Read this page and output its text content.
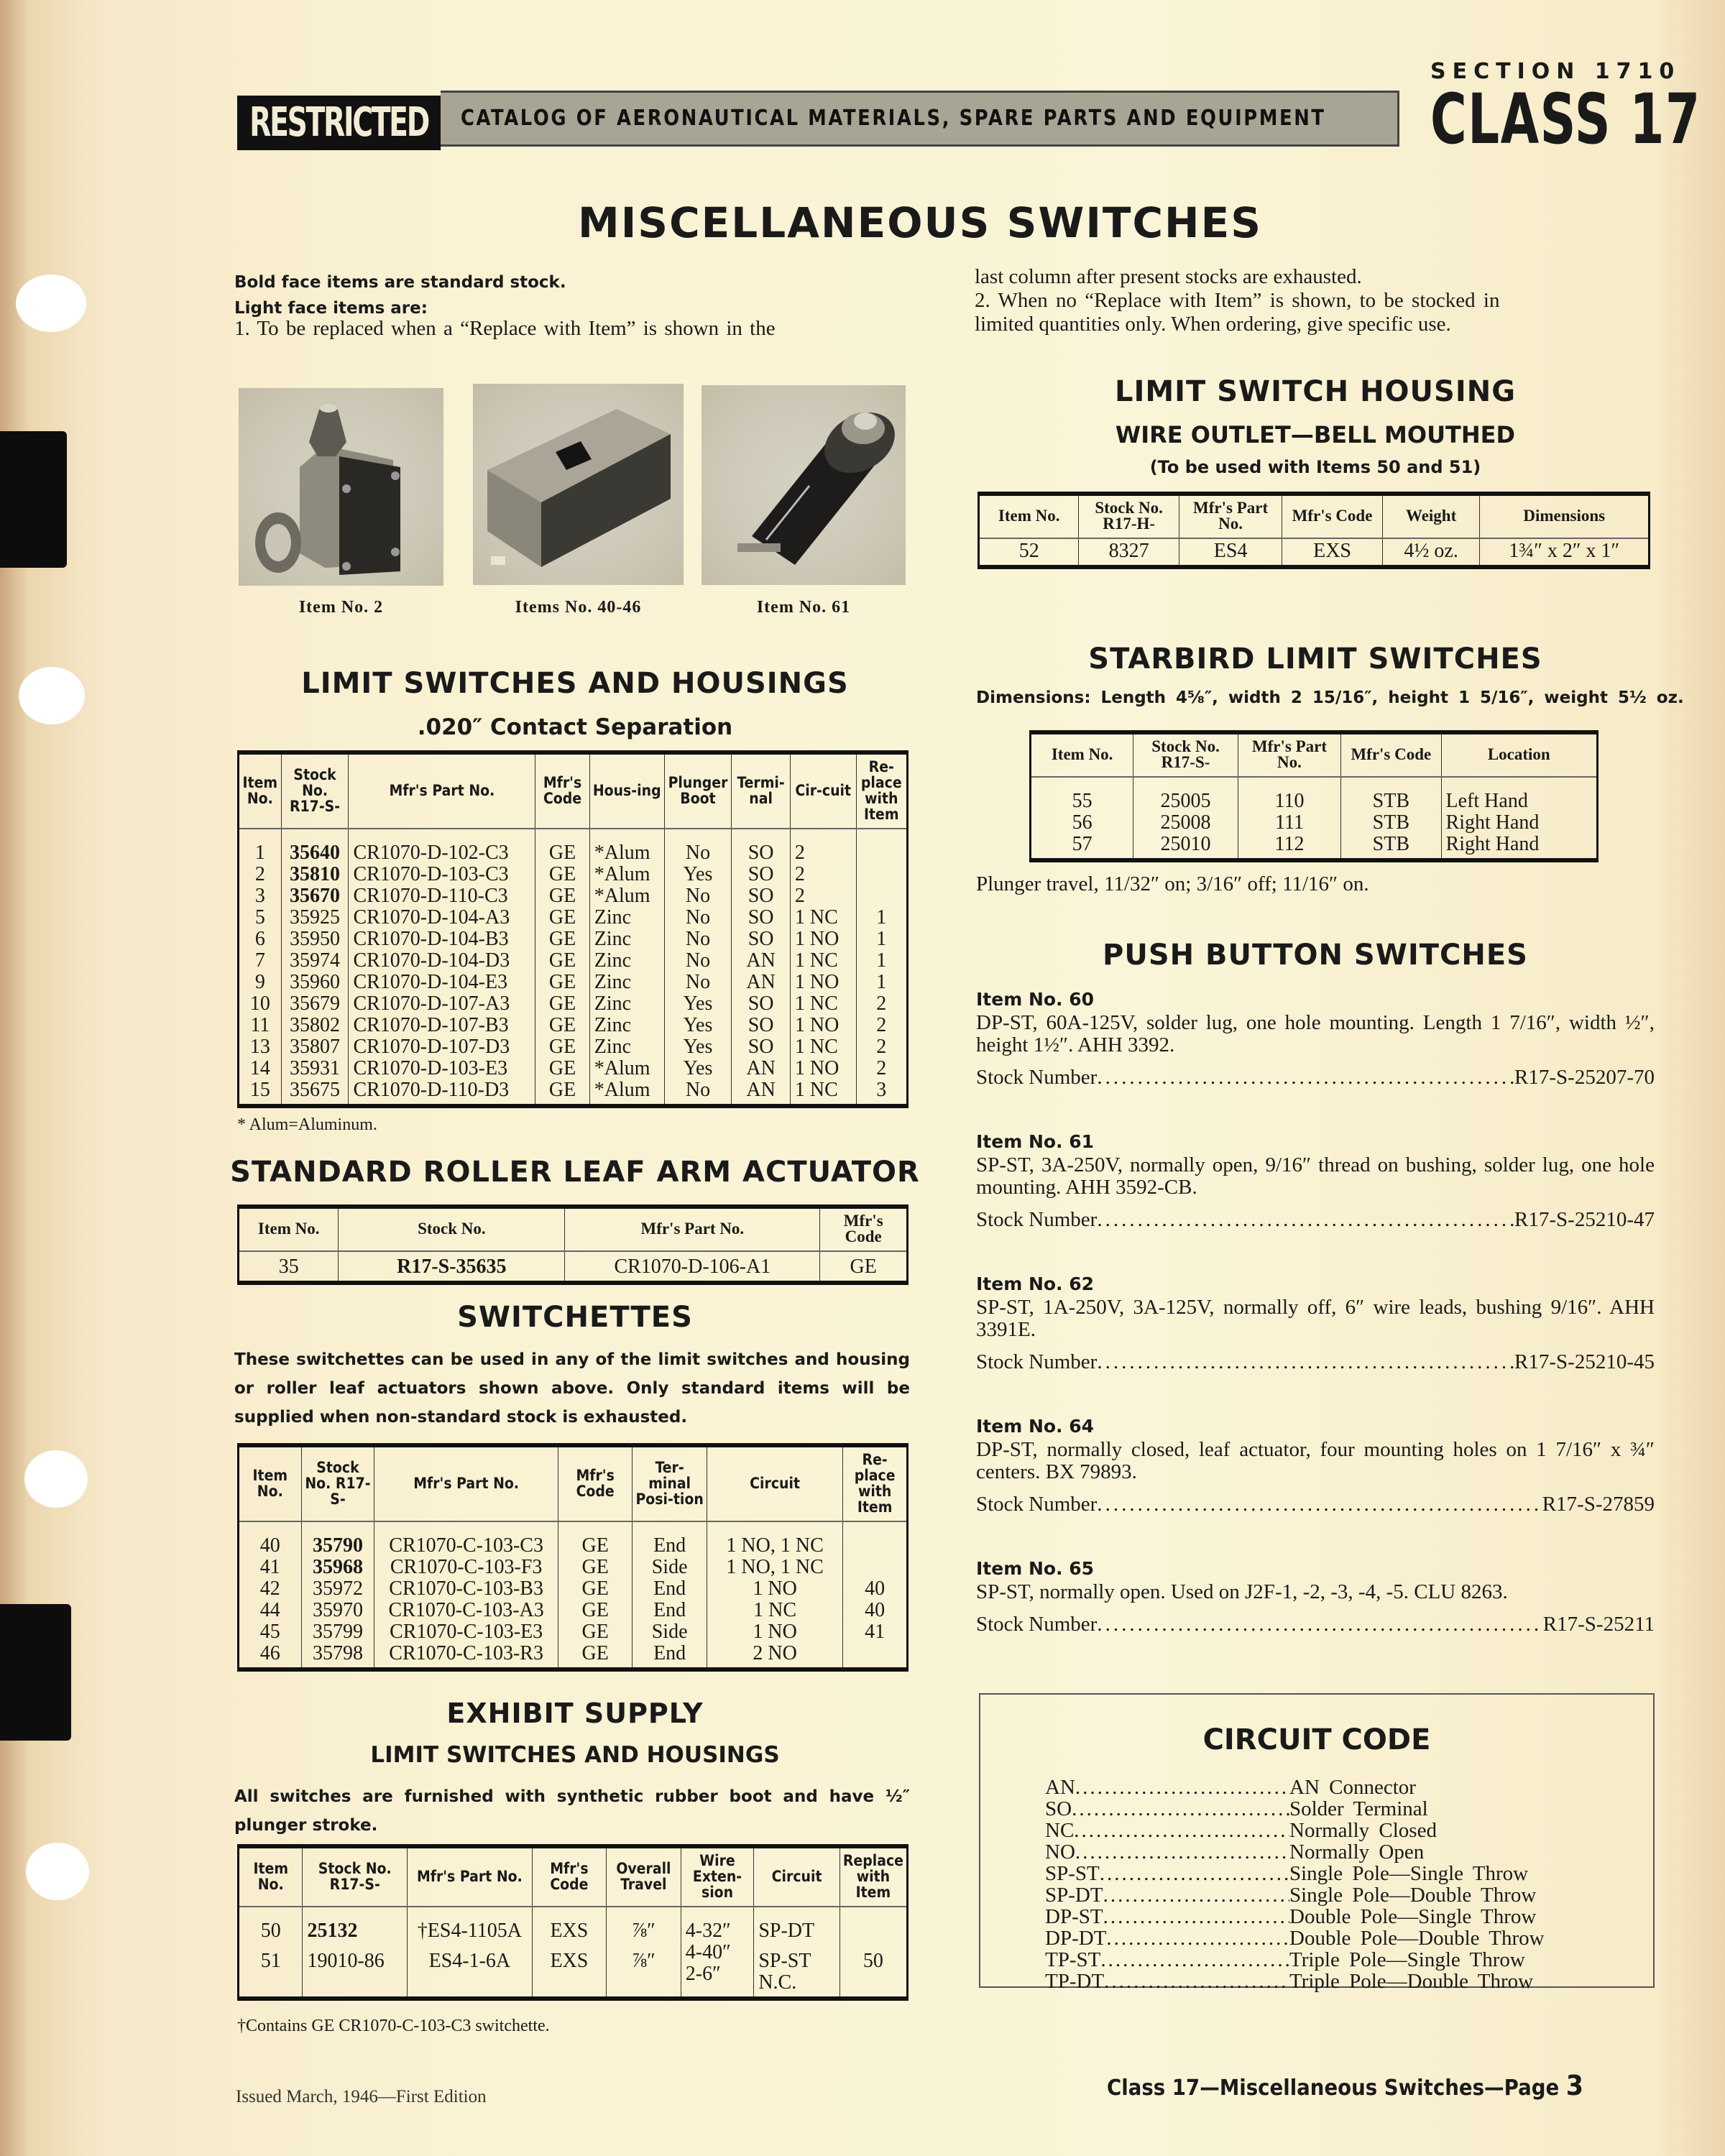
SECTION 1710
RESTRICTED	CATALOG OF AERONAUTICAL MATERIALS, SPARE PARTS AND EQUIPMENT	CLASS 17
MISCELLANEOUS SWITCHES
Bold face items are standard stock.
Light face items are:
1. To be replaced when a “Replace with Item” is shown in the
last column after present stocks are exhausted.
2. When no “Replace with Item” is shown, to be stocked in
limited quantities only. When ordering, give specific use.
Item No. 2	Items No. 40-46	Item No. 61
LIMIT SWITCHES AND HOUSINGS
.020″ Contact Separation
Item No.	Stock No. R17-S-	Mfr's Part No.	Mfr's Code	Hous-ing	Plunger Boot	Termi-nal	Cir-cuit	Re-place with Item
1	35640	CR1070-D-102-C3	GE	*Alum	No	SO	2	
2	35810	CR1070-D-103-C3	GE	*Alum	Yes	SO	2	
3	35670	CR1070-D-110-C3	GE	*Alum	No	SO	2	
5	35925	CR1070-D-104-A3	GE	Zinc	No	SO	1 NC	1
6	35950	CR1070-D-104-B3	GE	Zinc	No	SO	1 NO	1
7	35974	CR1070-D-104-D3	GE	Zinc	No	AN	1 NC	1
9	35960	CR1070-D-104-E3	GE	Zinc	No	AN	1 NO	1
10	35679	CR1070-D-107-A3	GE	Zinc	Yes	SO	1 NC	2
11	35802	CR1070-D-107-B3	GE	Zinc	Yes	SO	1 NO	2
13	35807	CR1070-D-107-D3	GE	Zinc	Yes	SO	1 NC	2
14	35931	CR1070-D-103-E3	GE	*Alum	Yes	AN	1 NO	2
15	35675	CR1070-D-110-D3	GE	*Alum	No	AN	1 NC	3
* Alum=Aluminum.
STANDARD ROLLER LEAF ARM ACTUATOR
Item No.	Stock No.	Mfr's Part No.	Mfr's Code
35	R17-S-35635	CR1070-D-106-A1	GE
SWITCHETTES
These switchettes can be used in any of the limit switches and housing or roller leaf actuators shown above. Only standard items will be supplied when non-standard stock is exhausted.
Item No.	Stock No. R17-S-	Mfr's Part No.	Mfr's Code	Ter-minal Posi-tion	Circuit	Re-place with Item
40	35790	CR1070-C-103-C3	GE	End	1 NO, 1 NC	
41	35968	CR1070-C-103-F3	GE	Side	1 NO, 1 NC	
42	35972	CR1070-C-103-B3	GE	End	1 NO	40
44	35970	CR1070-C-103-A3	GE	End	1 NC	40
45	35799	CR1070-C-103-E3	GE	Side	1 NO	41
46	35798	CR1070-C-103-R3	GE	End	2 NO	
EXHIBIT SUPPLY
LIMIT SWITCHES AND HOUSINGS
All switches are furnished with synthetic rubber boot and have ½″ plunger stroke.
Item No.	Stock No. R17-S-	Mfr's Part No.	Mfr's Code	Overall Travel	Wire Exten-sion	Circuit	Replace with Item
50	25132	†ES4-1105A	EXS	⅞″	4-32″	SP-DT	
51	19010-86	ES4-1-6A	EXS	⅞″	4-40″ 2-6″	SP-ST N.C.	50
†Contains GE CR1070-C-103-C3 switchette.
LIMIT SWITCH HOUSING
WIRE OUTLET—BELL MOUTHED
(To be used with Items 50 and 51)
Item No.	Stock No. R17-H-	Mfr's Part No.	Mfr's Code	Weight	Dimensions
52	8327	ES4	EXS	4½ oz.	1¾″ x 2″ x 1″
STARBIRD LIMIT SWITCHES
Dimensions: Length 4⅝″, width 2 15/16″, height 1 5/16″, weight 5½ oz.
Item No.	Stock No. R17-S-	Mfr's Part No.	Mfr's Code	Location
55	25005	110	STB	Left Hand
56	25008	111	STB	Right Hand
57	25010	112	STB	Right Hand
Plunger travel, 11/32″ on; 3/16″ off; 11/16″ on.
PUSH BUTTON SWITCHES
Item No. 60
DP-ST, 60A-125V, solder lug, one hole mounting. Length 1 7/16″, width ½″, height 1½″. AHH 3392.
Stock Number .....	R17-S-25207-70
Item No. 61
SP-ST, 3A-250V, normally open, 9/16″ thread on bushing, solder lug, one hole mounting. AHH 3592-CB.
Stock Number .....	R17-S-25210-47
Item No. 62
SP-ST, 1A-250V, 3A-125V, normally off, 6″ wire leads, bushing 9/16″. AHH 3391E.
Stock Number .....	R17-S-25210-45
Item No. 64
DP-ST, normally closed, leaf actuator, four mounting holes on 1 7/16″ x ¾″ centers. BX 79893.
Stock Number .....	R17-S-27859
Item No. 65
SP-ST, normally open. Used on J2F-1, -2, -3, -4, -5. CLU 8263.
Stock Number .....	R17-S-25211
CIRCUIT CODE
AN .....	AN Connector
SO .....	Solder Terminal
NC .....	Normally Closed
NO .....	Normally Open
SP-ST .....	Single Pole—Single Throw
SP-DT .....	Single Pole—Double Throw
DP-ST .....	Double Pole—Single Throw
DP-DT .....	Double Pole—Double Throw
TP-ST .....	Triple Pole—Single Throw
TP-DT .....	Triple Pole—Double Throw
Issued March, 1946—First Edition	Class 17—Miscellaneous Switches—Page 3
